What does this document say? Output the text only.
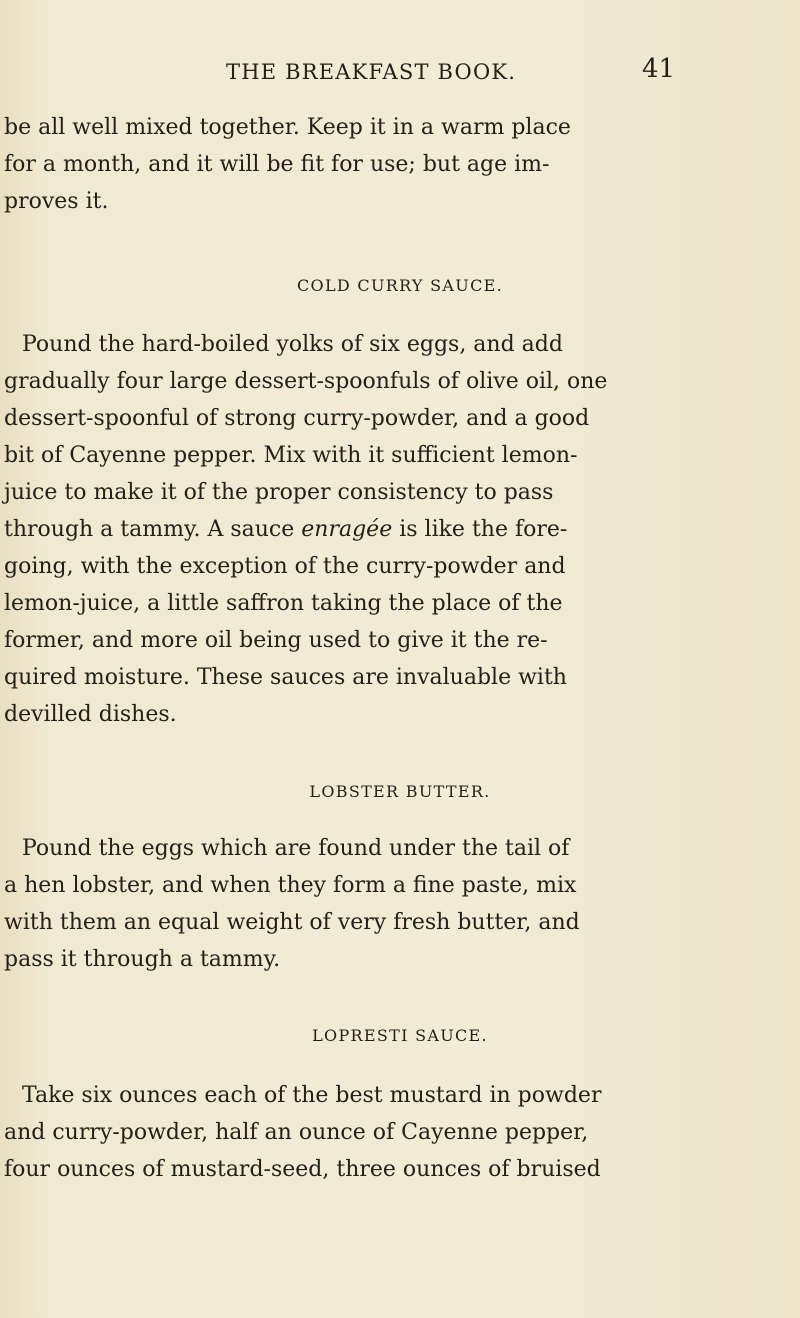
THE BREAKFAST BOOK.	41
be all well mixed together. Keep it in a warm place
for a month, and it will be fit for use; but age im-
proves it.
COLD CURRY SAUCE.
Pound the hard-boiled yolks of six eggs, and add
gradually four large dessert-spoonfuls of olive oil, one
dessert-spoonful of strong curry-powder, and a good
bit of Cayenne pepper. Mix with it sufficient lemon-
juice to make it of the proper consistency to pass
through a tammy. A sauce enragée is like the fore-
going, with the exception of the curry-powder and
lemon-juice, a little saffron taking the place of the
former, and more oil being used to give it the re-
quired moisture. These sauces are invaluable with
devilled dishes.
LOBSTER BUTTER.
Pound the eggs which are found under the tail of
a hen lobster, and when they form a fine paste, mix
with them an equal weight of very fresh butter, and
pass it through a tammy.
LOPRESTI SAUCE.
Take six ounces each of the best mustard in powder
and curry-powder, half an ounce of Cayenne pepper,
four ounces of mustard-seed, three ounces of bruised
